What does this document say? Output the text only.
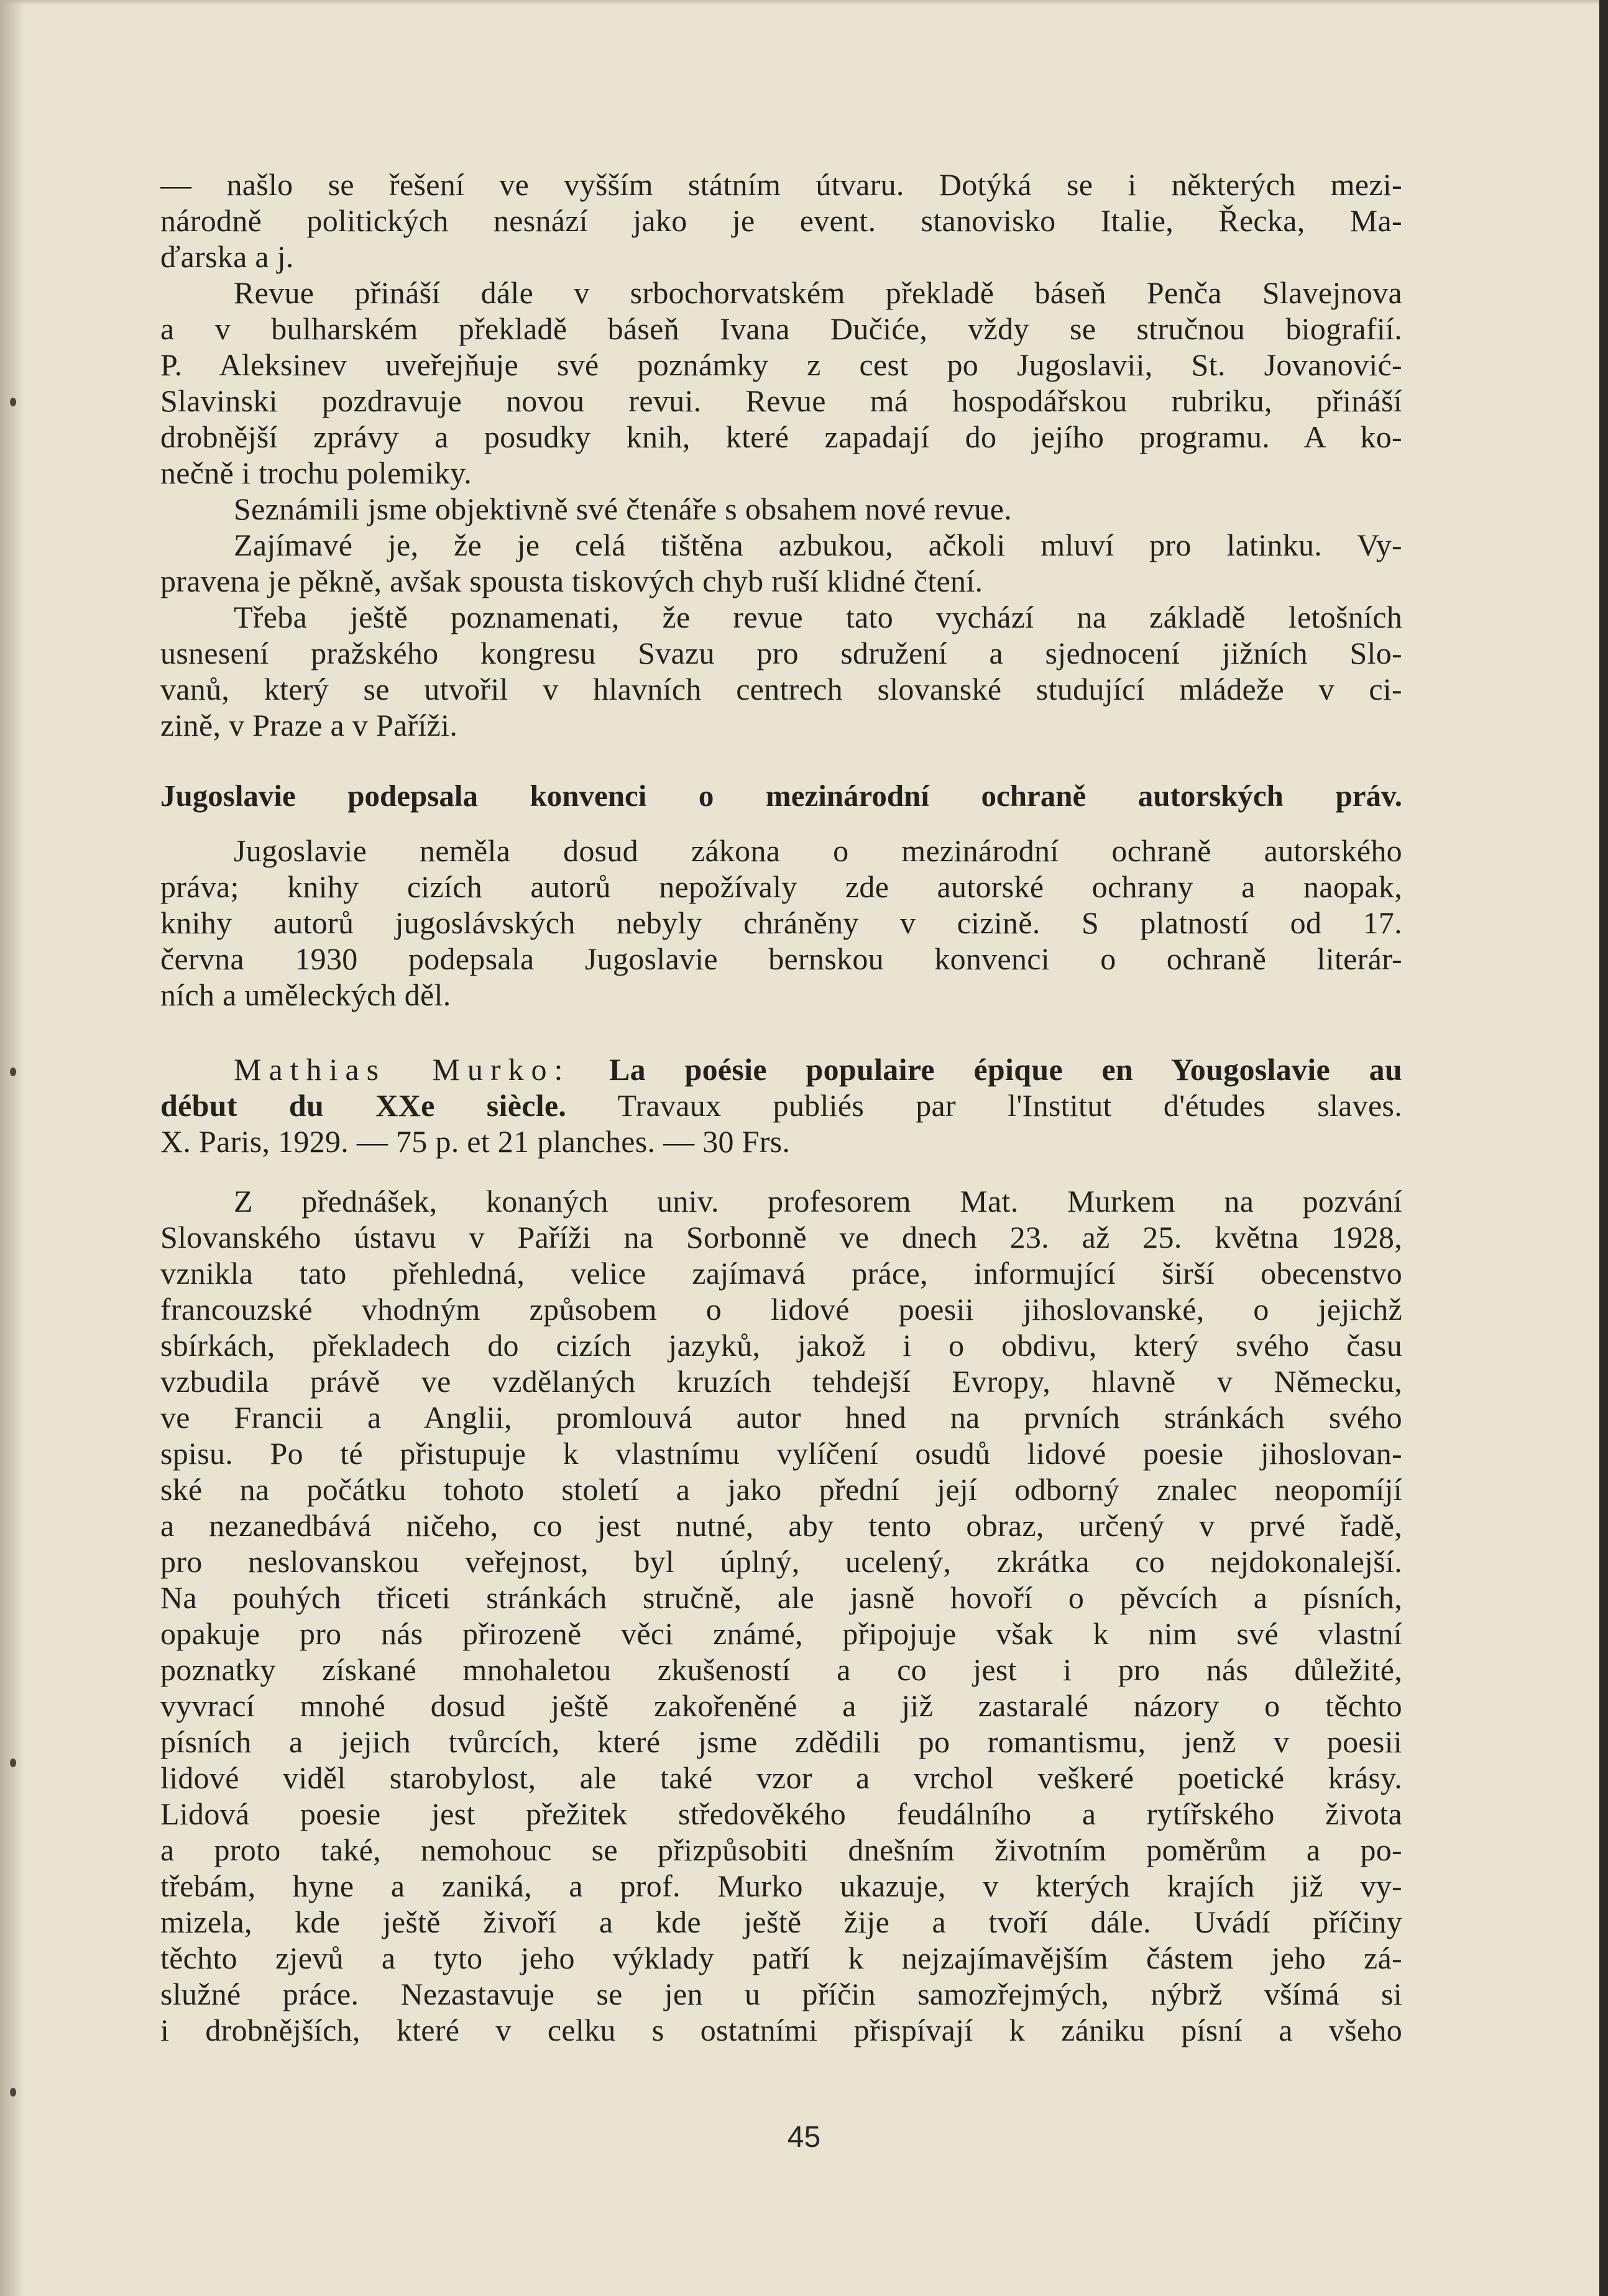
— našlo se řešení ve vyšším státním útvaru. Dotýká se i některých mezi-
národně politických nesnází jako je event. stanovisko Italie, Řecka, Ma-
ďarska a j.
Revue přináší dále v srbochorvatském překladě báseň Penča Slavejnova
a v bulharském překladě báseň Ivana Dučiće, vždy se stručnou biografií.
P. Aleksinev uveřejňuje své poznámky z cest po Jugoslavii, St. Jovanović-
Slavinski pozdravuje novou revui. Revue má hospodářskou rubriku, přináší
drobnější zprávy a posudky knih, které zapadají do jejího programu. A ko-
nečně i trochu polemiky.
Seznámili jsme objektivně své čtenáře s obsahem nové revue.
Zajímavé je, že je celá tištěna azbukou, ačkoli mluví pro latinku. Vy-
pravena je pěkně, avšak spousta tiskových chyb ruší klidné čtení.
Třeba ještě poznamenati, že revue tato vychází na základě letošních
usnesení pražského kongresu Svazu pro sdružení a sjednocení jižních Slo-
vanů, který se utvořil v hlavních centrech slovanské studující mládeže v ci-
zině, v Praze a v Paříži.
Jugoslavie podepsala konvenci o mezinárodní ochraně autorských práv.
Jugoslavie neměla dosud zákona o mezinárodní ochraně autorského
práva; knihy cizích autorů nepožívaly zde autorské ochrany a naopak,
knihy autorů jugoslávských nebyly chráněny v cizině. S platností od 17.
června 1930 podepsala Jugoslavie bernskou konvenci o ochraně literár-
ních a uměleckých děl.
Mathias Murko: La poésie populaire épique en Yougoslavie au
début du XXe siècle. Travaux publiés par l'Institut d'études slaves.
X. Paris, 1929. — 75 p. et 21 planches. — 30 Frs.
Z přednášek, konaných univ. profesorem Mat. Murkem na pozvání
Slovanského ústavu v Paříži na Sorbonně ve dnech 23. až 25. května 1928,
vznikla tato přehledná, velice zajímavá práce, informující širší obecenstvo
francouzské vhodným způsobem o lidové poesii jihoslovanské, o jejichž
sbírkách, překladech do cizích jazyků, jakož i o obdivu, který svého času
vzbudila právě ve vzdělaných kruzích tehdejší Evropy, hlavně v Německu,
ve Francii a Anglii, promlouvá autor hned na prvních stránkách svého
spisu. Po té přistupuje k vlastnímu vylíčení osudů lidové poesie jihoslovan-
ské na počátku tohoto století a jako přední její odborný znalec neopomíjí
a nezanedbává ničeho, co jest nutné, aby tento obraz, určený v prvé řadě,
pro neslovanskou veřejnost, byl úplný, ucelený, zkrátka co nejdokonalejší.
Na pouhých třiceti stránkách stručně, ale jasně hovoří o pěvcích a písních,
opakuje pro nás přirozeně věci známé, připojuje však k nim své vlastní
poznatky získané mnohaletou zkušeností a co jest i pro nás důležité,
vyvrací mnohé dosud ještě zakořeněné a již zastaralé názory o těchto
písních a jejich tvůrcích, které jsme zdědili po romantismu, jenž v poesii
lidové viděl starobylost, ale také vzor a vrchol veškeré poetické krásy.
Lidová poesie jest přežitek středověkého feudálního a rytířského života
a proto také, nemohouc se přizpůsobiti dnešním životním poměrům a po-
třebám, hyne a zaniká, a prof. Murko ukazuje, v kterých krajích již vy-
mizela, kde ještě živoří a kde ještě žije a tvoří dále. Uvádí příčiny
těchto zjevů a tyto jeho výklady patří k nejzajímavějším částem jeho zá-
služné práce. Nezastavuje se jen u příčin samozřejmých, nýbrž všímá si
i drobnějších, které v celku s ostatními přispívají k zániku písní a všeho
45
